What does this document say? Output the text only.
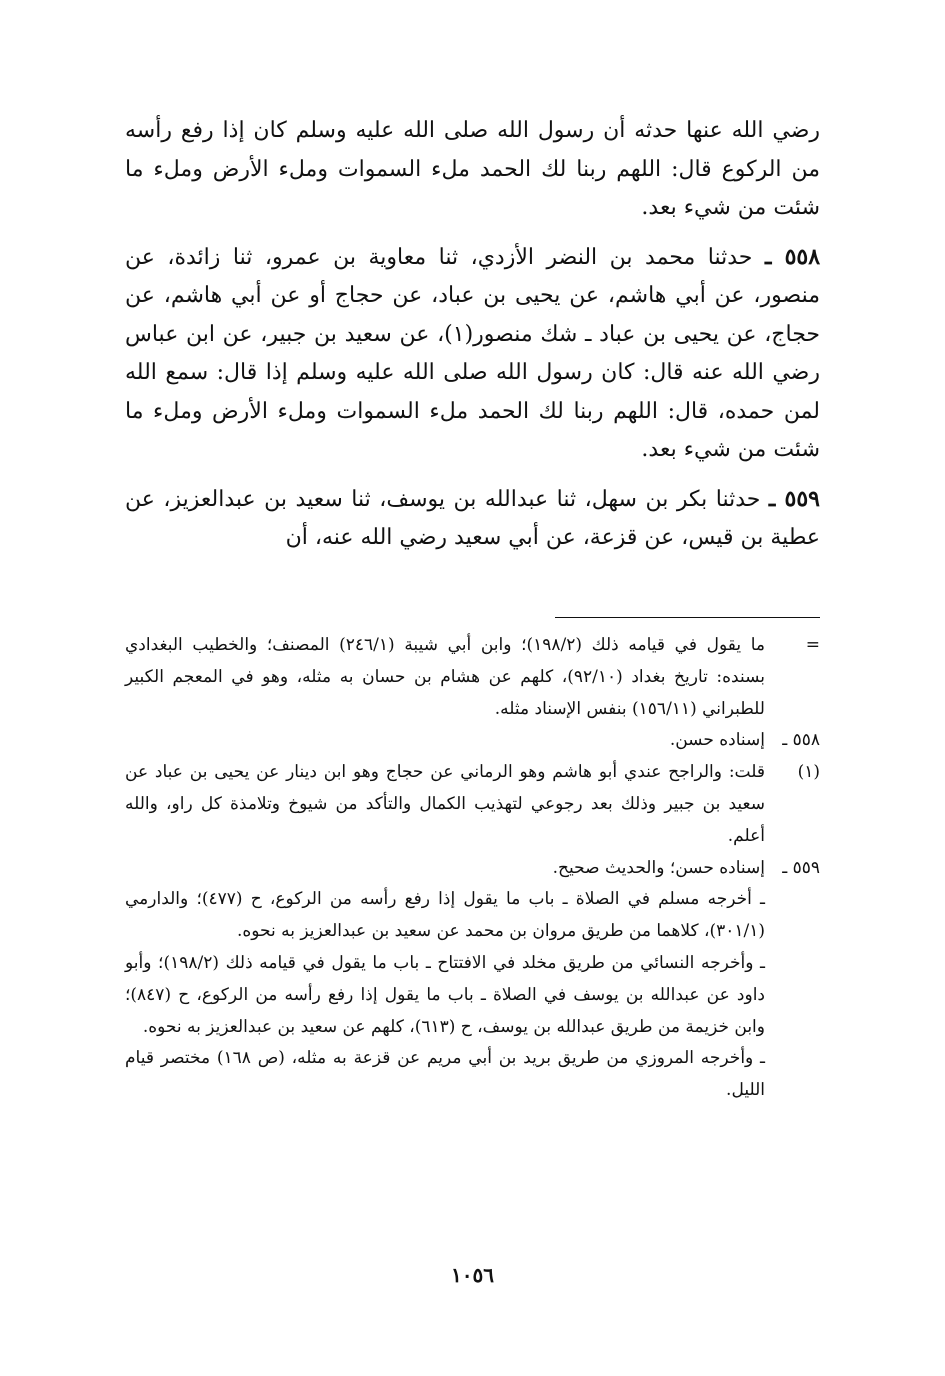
رضي الله عنها حدثه أن رسول الله صلى الله عليه وسلم كان إذا رفع رأسه من الركوع قال: اللهم ربنا لك الحمد ملء السموات وملء الأرض وملء ما شئت من شيء بعد.

٥٥٨ ـ حدثنا محمد بن النضر الأزدي، ثنا معاوية بن عمرو، ثنا زائدة، عن منصور، عن أبي هاشم، عن يحيى بن عباد، عن حجاج أو عن أبي هاشم، عن حجاج، عن يحيى بن عباد ـ شك منصور(١)، عن سعيد بن جبير، عن ابن عباس رضي الله عنه قال: كان رسول الله صلى الله عليه وسلم إذا قال: سمع الله لمن حمده، قال: اللهم ربنا لك الحمد ملء السموات وملء الأرض وملء ما شئت من شيء بعد.

٥٥٩ ـ حدثنا بكر بن سهل، ثنا عبدالله بن يوسف، ثنا سعيد بن عبدالعزيز، عن عطية بن قيس، عن قزعة، عن أبي سعيد رضي الله عنه، أن

=
ما يقول في قيامه ذلك (١٩٨/٢)؛ وابن أبي شيبة (٢٤٦/١) المصنف؛ والخطيب البغدادي بسنده: تاريخ بغداد (٩٢/١٠)، كلهم عن هشام بن حسان به مثله، وهو في المعجم الكبير للطبراني (١٥٦/١١) بنفس الإسناد مثله.
٥٥٨ ـ
إسناده حسن.
(١)
قلت: والراجح عندي أبو هاشم وهو الرماني عن حجاج وهو ابن دينار عن يحيى بن عباد عن سعيد بن جبير وذلك بعد رجوعي لتهذيب الكمال والتأكد من شيوخ وتلامذة كل راو، والله أعلم.
٥٥٩ ـ
إسناده حسن؛ والحديث صحيح.
ـ أخرجه مسلم في الصلاة ـ باب ما يقول إذا رفع رأسه من الركوع، ح (٤٧٧)؛ والدارمي (٣٠١/١)، كلاهما من طريق مروان بن محمد عن سعيد بن عبدالعزيز به نحوه.
ـ وأخرجه النسائي من طريق مخلد في الافتتاح ـ باب ما يقول في قيامه ذلك (١٩٨/٢)؛ وأبو داود عن عبدالله بن يوسف في الصلاة ـ باب ما يقول إذا رفع رأسه من الركوع، ح (٨٤٧)؛ وابن خزيمة من طريق عبدالله بن يوسف، ح (٦١٣)، كلهم عن سعيد بن عبدالعزيز به نحوه.
ـ وأخرجه المروزي من طريق بريد بن أبي مريم عن قزعة به مثله، (ص ١٦٨) مختصر قيام الليل.
١٠٥٦
